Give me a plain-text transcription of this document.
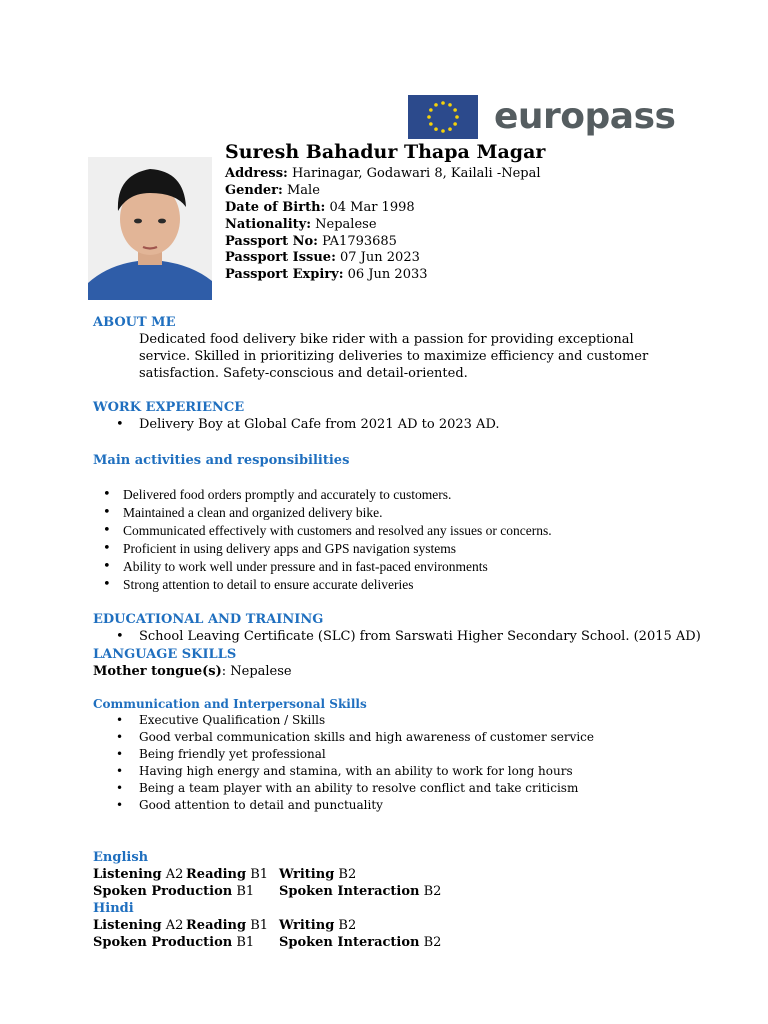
europass
Suresh Bahadur Thapa Magar
Address: Harinagar, Godawari 8, Kailali -Nepal
Gender: Male
Date of Birth: 04 Mar 1998
Nationality: Nepalese
Passport No: PA1793685
Passport Issue: 07 Jun 2023
Passport Expiry: 06 Jun 2033
ABOUT ME
Dedicated food delivery bike rider with a passion for providing exceptional
service. Skilled in prioritizing deliveries to maximize efficiency and customer
satisfaction. Safety-conscious and detail-oriented.
WORK EXPERIENCE
• Delivery Boy at Global Cafe from 2021 AD to 2023 AD.
Main activities and responsibilities
• Delivered food orders promptly and accurately to customers.
• Maintained a clean and organized delivery bike.
• Communicated effectively with customers and resolved any issues or concerns.
• Proficient in using delivery apps and GPS navigation systems
• Ability to work well under pressure and in fast-paced environments
• Strong attention to detail to ensure accurate deliveries
EDUCATIONAL AND TRAINING
• School Leaving Certificate (SLC) from Sarswati Higher Secondary School. (2015 AD)
LANGUAGE SKILLS
Mother tongue(s): Nepalese
Communication and Interpersonal Skills
• Executive Qualification / Skills
• Good verbal communication skills and high awareness of customer service
• Being friendly yet professional
• Having high energy and stamina, with an ability to work for long hours
• Being a team player with an ability to resolve conflict and take criticism
• Good attention to detail and punctuality
English
Listening A2 Reading B1 Writing B2
Spoken Production B1 Spoken Interaction B2
Hindi
Listening A2 Reading B1 Writing B2
Spoken Production B1 Spoken Interaction B2
